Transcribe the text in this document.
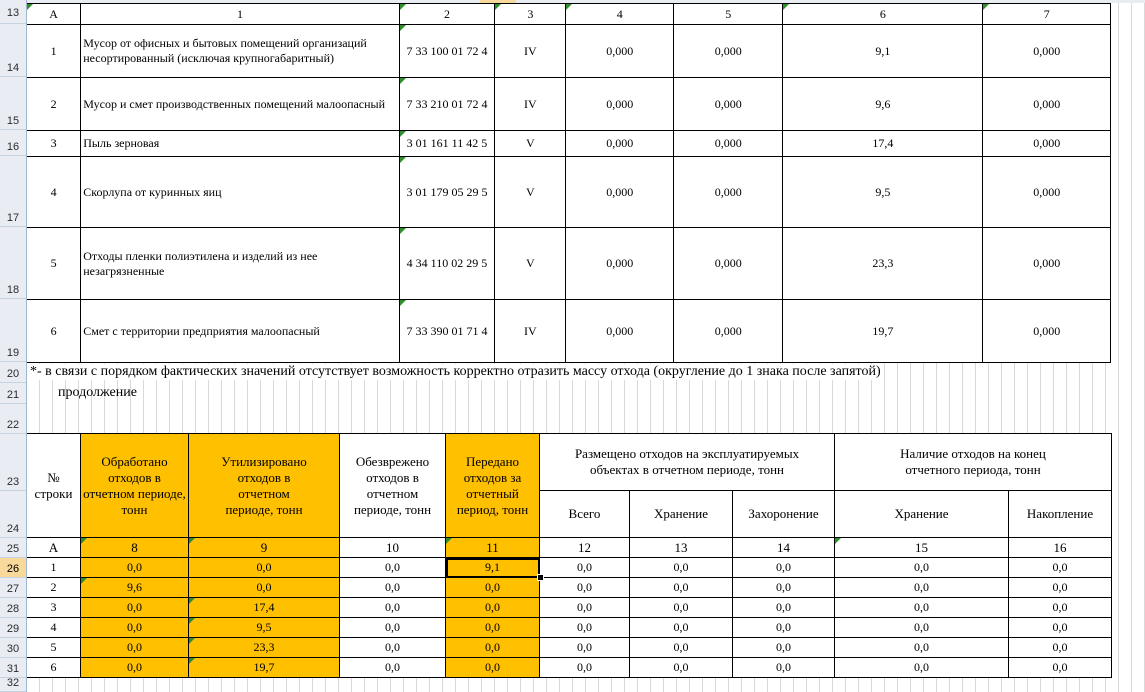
13
14
15
16
17
18
19
20
21
22
23
24
25
26
27
28
29
30
31
32
А	1	2	3	4	5	6	7
1	Мусор от офисных и бытовых помещений организаций несортированный (исключая крупногабаритный)	7 33 100 01 72 4	IV	0,000	0,000	9,1	0,000
2	Мусор и смет производственных помещений малоопасный	7 33 210 01 72 4	IV	0,000	0,000	9,6	0,000
3	Пыль зерновая	3 01 161 11 42 5	V	0,000	0,000	17,4	0,000
4	Скорлупа от куринных яиц	3 01 179 05 29 5	V	0,000	0,000	9,5	0,000
5	Отходы пленки полиэтилена и изделий из нее незагрязненные	4 34 110 02 29 5	V	0,000	0,000	23,3	0,000
6	Смет с территории предприятия малоопасный	7 33 390 01 71 4	IV	0,000	0,000	19,7	0,000
*- в связи с порядком фактических значений отсутствует возможность корректно отразить массу отхода (округление до 1 знака после запятой)
продолжение
№ строки	Обработано отходов в отчетном периоде, тонн	Утилизировано отходов в отчетном периоде, тонн	Обезврежено отходов в отчетном периоде, тонн	Передано отходов за отчетный период, тонн	Размещено отходов на эксплуатируемых объектах в отчетном периоде, тонн			Наличие отходов на конец отчетного периода, тонн	
					Всего	Хранение	Захоронение	Хранение	Накопление
А	8	9	10	11	12	13	14	15	16
1	0,0	0,0	0,0	9,1	0,0	0,0	0,0	0,0	0,0
2	9,6	0,0	0,0	0,0	0,0	0,0	0,0	0,0	0,0
3	0,0	17,4	0,0	0,0	0,0	0,0	0,0	0,0	0,0
4	0,0	9,5	0,0	0,0	0,0	0,0	0,0	0,0	0,0
5	0,0	23,3	0,0	0,0	0,0	0,0	0,0	0,0	0,0
6	0,0	19,7	0,0	0,0	0,0	0,0	0,0	0,0	0,0
